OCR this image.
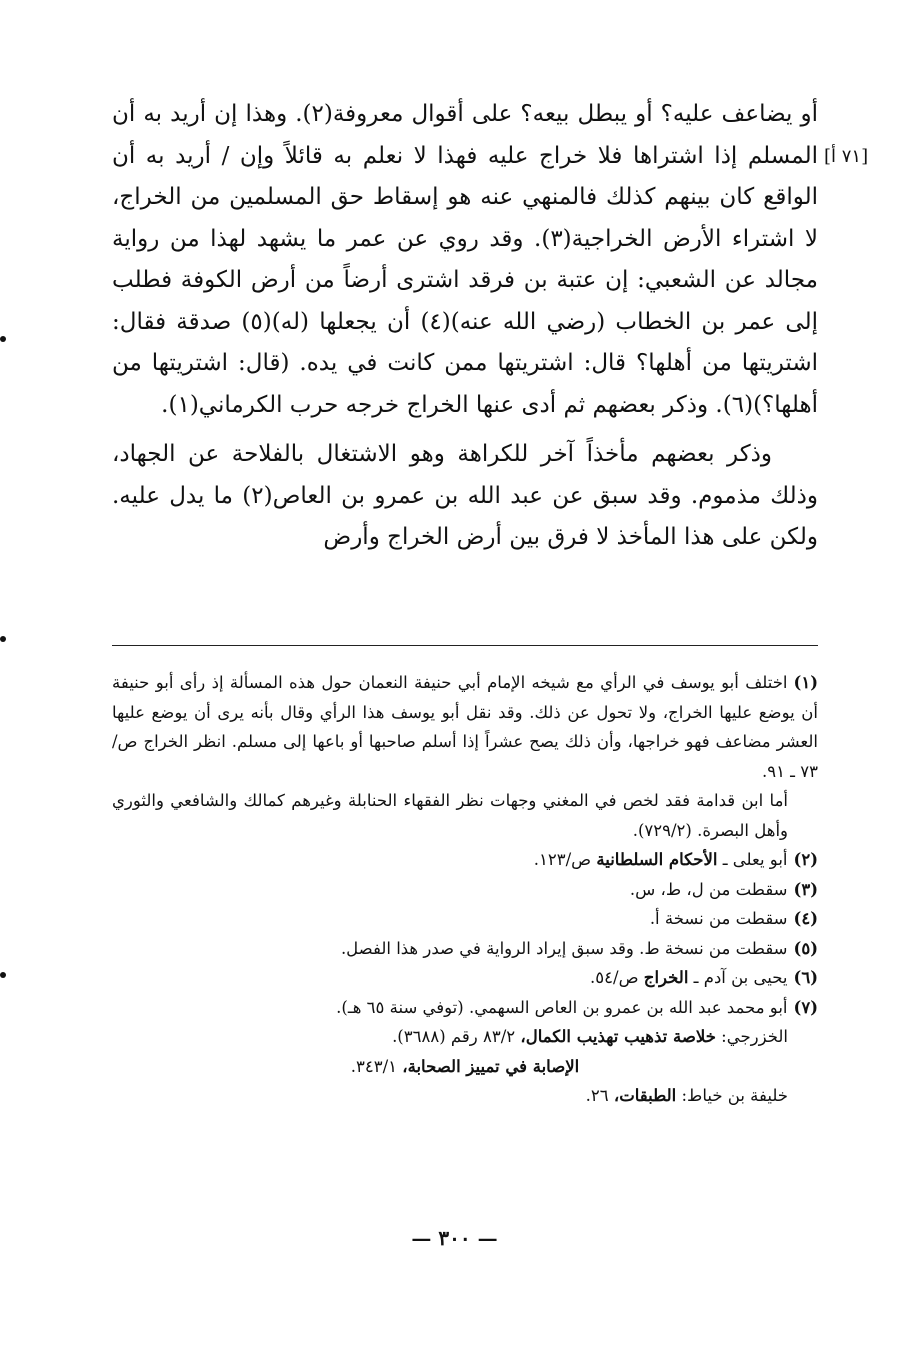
[٧١ أ]

أو يضاعف عليه؟ أو يبطل بيعه؟ على أقوال معروفة(٢). وهذا إن أريد به أن المسلم إذا اشتراها فلا خراج عليه فهذا لا نعلم به قائلاً وإن / أريد به أن الواقع كان بينهم كذلك فالمنهي عنه هو إسقاط حق المسلمين من الخراج، لا اشتراء الأرض الخراجية(٣). وقد روي عن عمر ما يشهد لهذا من رواية مجالد عن الشعبي: إن عتبة بن فرقد اشترى أرضاً من أرض الكوفة فطلب إلى عمر بن الخطاب (رضي الله عنه)(٤) أن يجعلها (له)(٥) صدقة فقال: اشتريتها من أهلها؟ قال: اشتريتها ممن كانت في يده. (قال: اشتريتها من أهلها؟)(٦). وذكر بعضهم ثم أدى عنها الخراج خرجه حرب الكرماني(١).

وذكر بعضهم مأخذاً آخر للكراهة وهو الاشتغال بالفلاحة عن الجهاد، وذلك مذموم. وقد سبق عن عبد الله بن عمرو بن العاص(٢) ما يدل عليه. ولكن على هذا المأخذ لا فرق بين أرض الخراج وأرض

(١)اختلف أبو يوسف في الرأي مع شيخه الإمام أبي حنيفة النعمان حول هذه المسألة إذ رأى أبو حنيفة أن يوضع عليها الخراج، ولا تحول عن ذلك. وقد نقل أبو يوسف هذا الرأي وقال بأنه يرى أن يوضع عليها العشر مضاعف فهو خراجها، وأن ذلك يصح عشراً إذا أسلم صاحبها أو باعها إلى مسلم. انظر الخراج ص/٧٣ ـ ٩١.

أما ابن قدامة فقد لخص في المغني وجهات نظر الفقهاء الحنابلة وغيرهم كمالك والشافعي والثوري وأهل البصرة. (٧٢٩/٢).

(٢)أبو يعلى ـ الأحكام السلطانية ص/١٢٣.

(٣)سقطت من ل، ط، س.

(٤)سقطت من نسخة أ.

(٥)سقطت من نسخة ط. وقد سبق إيراد الرواية في صدر هذا الفصل.

(٦)يحيى بن آدم ـ الخراج ص/٥٤.

(٧)أبو محمد عبد الله بن عمرو بن العاص السهمي. (توفي سنة ٦٥ هـ).

الخزرجي: خلاصة تذهيب تهذيب الكمال، ٨٣/٢ رقم (٣٦٨٨).

الإصابة في تمييز الصحابة، ٣٤٣/١.

خليفة بن خياط: الطبقات، ٢٦.

— ٣٠٠ —
